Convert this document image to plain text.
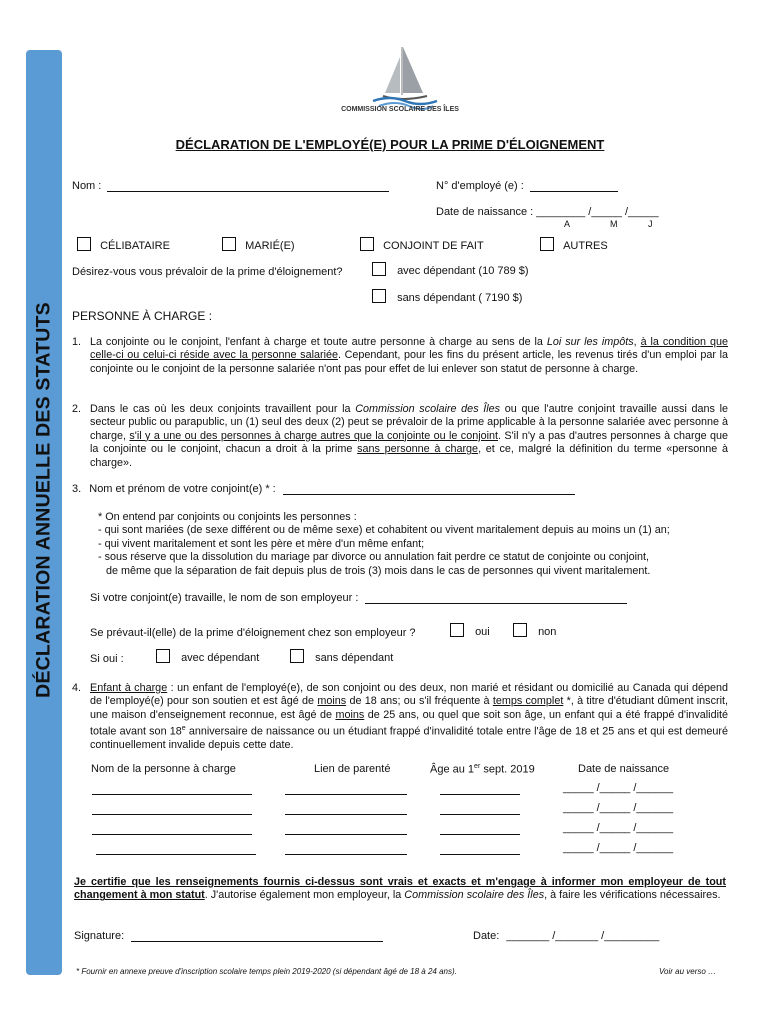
DÉCLARATION ANNUELLE DES STATUTS
COMMISSION SCOLAIRE DES ÎLES
DÉCLARATION DE L'EMPLOYÉ(E) POUR LA PRIME D'ÉLOIGNEMENT
Nom :	N° d'employé (e) :
Date de naissance : ________ /_____ /_____
A	M	J
CÉLIBATAIRE	MARIÉ(E)	CONJOINT DE FAIT	AUTRES
Désirez-vous vous prévaloir de la prime d'éloignement?	avec dépendant (10 789 $)
sans dépendant ( 7190 $)
PERSONNE À CHARGE :
1. La conjointe ou le conjoint, l'enfant à charge et toute autre personne à charge au sens de la Loi sur les impôts, à la condition que celle-ci ou celui-ci réside avec la personne salariée. Cependant, pour les fins du présent article, les revenus tirés d'un emploi par la conjointe ou le conjoint de la personne salariée n'ont pas pour effet de lui enlever son statut de personne à charge.
2. Dans le cas où les deux conjoints travaillent pour la Commission scolaire des Îles ou que l'autre conjoint travaille aussi dans le secteur public ou parapublic, un (1) seul des deux (2) peut se prévaloir de la prime applicable à la personne salariée avec personne à charge, s'il y a une ou des personnes à charge autres que la conjointe ou le conjoint. S'il n'y a pas d'autres personnes à charge que la conjointe ou le conjoint, chacun a droit à la prime sans personne à charge, et ce, malgré la définition du terme «personne à charge».
3. Nom et prénom de votre conjoint(e) * :
* On entend par conjoints ou conjoints les personnes :
- qui sont mariées (de sexe différent ou de même sexe) et cohabitent ou vivent maritalement depuis au moins un (1) an;
- qui vivent maritalement et sont les père et mère d'un même enfant;
- sous réserve que la dissolution du mariage par divorce ou annulation fait perdre ce statut de conjointe ou conjoint,
de même que la séparation de fait depuis plus de trois (3) mois dans le cas de personnes qui vivent maritalement.
Si votre conjoint(e) travaille, le nom de son employeur :
Se prévaut-il(elle) de la prime d'éloignement chez son employeur ?	oui	non
Si oui :	avec dépendant	sans dépendant
4. Enfant à charge : un enfant de l'employé(e), de son conjoint ou des deux, non marié et résidant ou domicilié au Canada qui dépend de l'employé(e) pour son soutien et est âgé de moins de 18 ans; ou s'il fréquente à temps complet *, à titre d'étudiant dûment inscrit, une maison d'enseignement reconnue, est âgé de moins de 25 ans, ou quel que soit son âge, un enfant qui a été frappé d'invalidité totale avant son 18e anniversaire de naissance ou un étudiant frappé d'invalidité totale entre l'âge de 18 et 25 ans et qui est demeuré continuellement invalide depuis cette date.
Nom de la personne à charge	Lien de parenté	Âge au 1er sept. 2019	Date de naissance
_____ /_____ /______
_____ /_____ /______
_____ /_____ /______
_____ /_____ /______
Je certifie que les renseignements fournis ci-dessus sont vrais et exacts et m'engage à informer mon employeur de tout changement à mon statut. J'autorise également mon employeur, la Commission scolaire des Îles, à faire les vérifications nécessaires.
Signature:	Date: _______ /_______ /_________
* Fournir en annexe preuve d'inscription scolaire temps plein 2019-2020 (si dépendant âgé de 18 à 24 ans).	Voir au verso …
